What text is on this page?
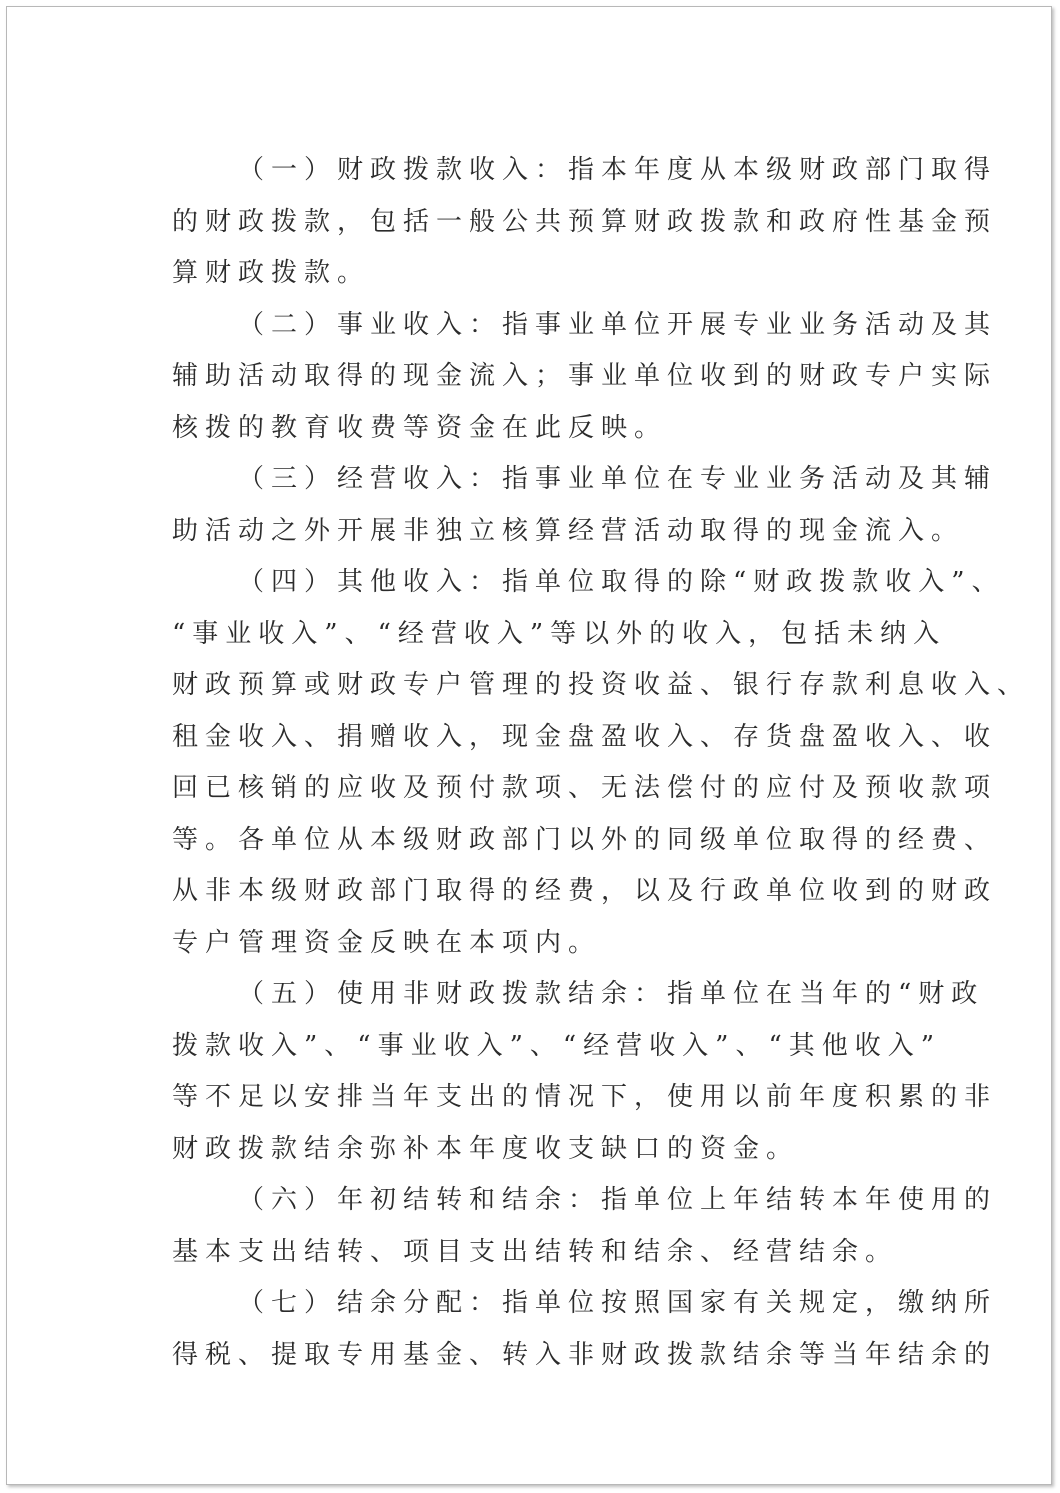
（一）财政拨款收入：指本年度从本级财政部门取得
的财政拨款，包括一般公共预算财政拨款和政府性基金预
算财政拨款。
（二）事业收入：指事业单位开展专业业务活动及其
辅助活动取得的现金流入；事业单位收到的财政专户实际
核拨的教育收费等资金在此反映。
（三）经营收入：指事业单位在专业业务活动及其辅
助活动之外开展非独立核算经营活动取得的现金流入。
（四）其他收入：指单位取得的除“财政拨款收入”、
“事业收入”、“经营收入”等以外的收入，包括未纳入
财政预算或财政专户管理的投资收益、银行存款利息收入、
租金收入、捐赠收入，现金盘盈收入、存货盘盈收入、收
回已核销的应收及预付款项、无法偿付的应付及预收款项
等。各单位从本级财政部门以外的同级单位取得的经费、
从非本级财政部门取得的经费，以及行政单位收到的财政
专户管理资金反映在本项内。
（五）使用非财政拨款结余：指单位在当年的“财政
拨款收入”、“事业收入”、“经营收入”、“其他收入”
等不足以安排当年支出的情况下，使用以前年度积累的非
财政拨款结余弥补本年度收支缺口的资金。
（六）年初结转和结余：指单位上年结转本年使用的
基本支出结转、项目支出结转和结余、经营结余。
（七）结余分配：指单位按照国家有关规定，缴纳所
得税、提取专用基金、转入非财政拨款结余等当年结余的
